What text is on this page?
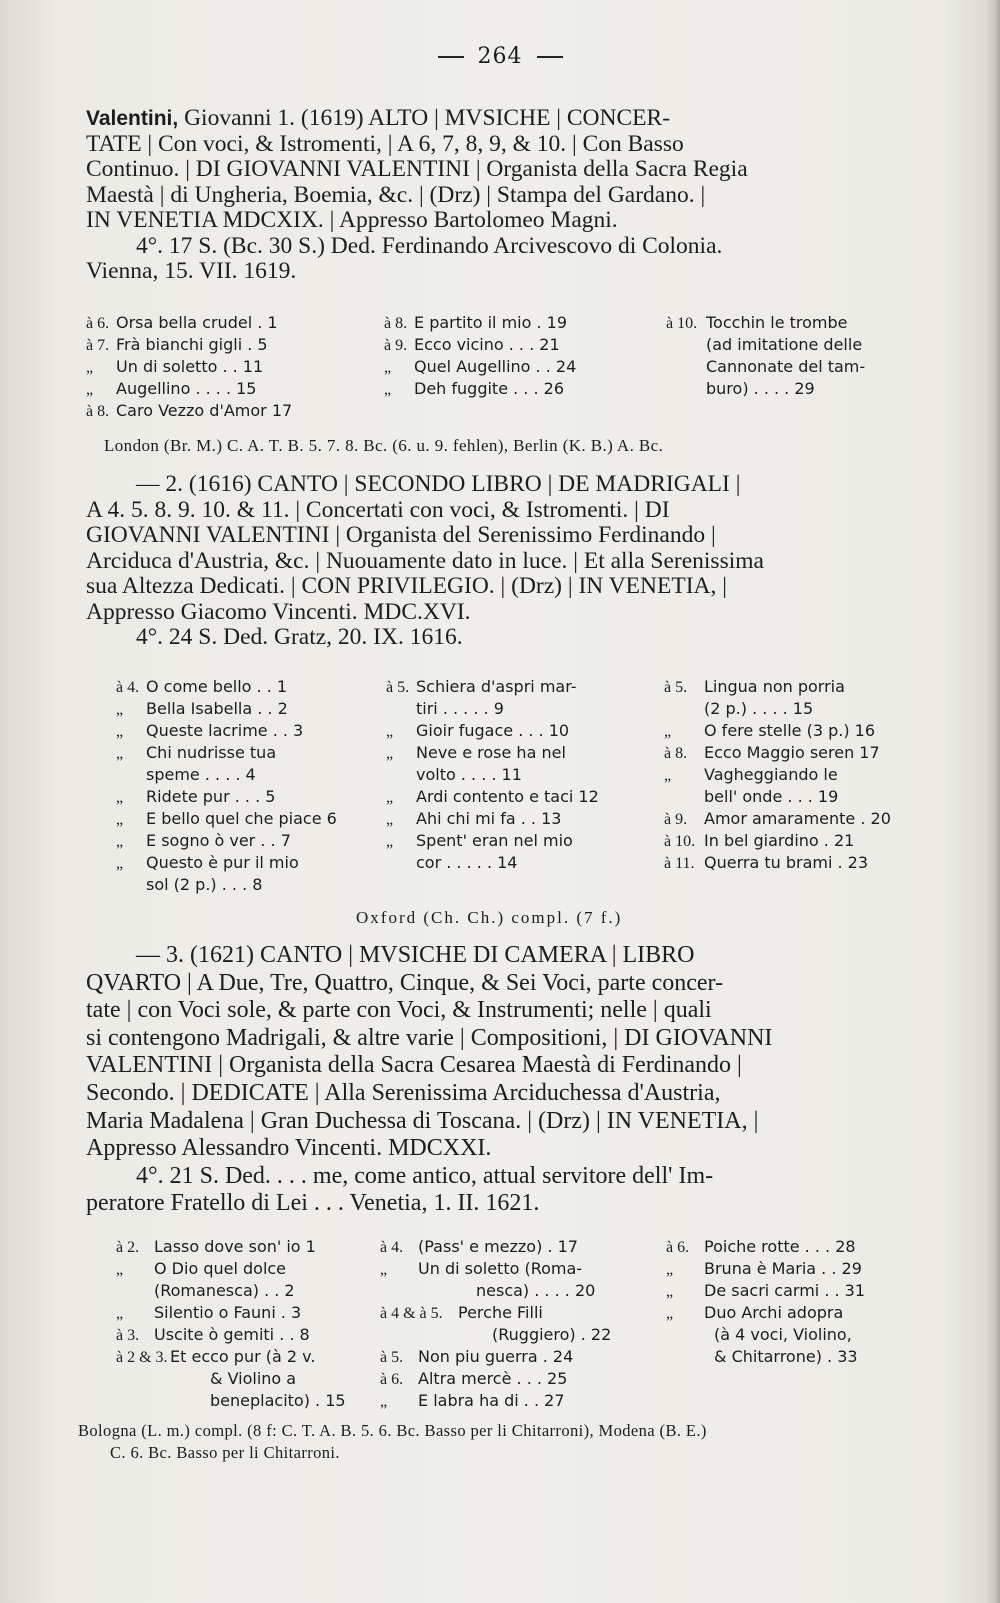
264

Valentini, Giovanni 1. (1619) ALTO | MVSICHE | CONCER-

TATE | Con voci, & Istromenti, | A 6, 7, 8, 9, & 10. | Con Basso

Continuo. | DI GIOVANNI VALENTINI | Organista della Sacra Regia

Maestà | di Ungheria, Boemia, &c. | (Drz) | Stampa del Gardano. |

IN VENETIA MDCXIX. | Appresso Bartolomeo Magni.

4°. 17 S. (Bc. 30 S.) Ded. Ferdinando Arcivescovo di Colonia.

Vienna, 15. VII. 1619.

à 6. Orsa bella crudel . 1
à 7. Frà bianchi gigli . 5
„ Un di soletto . . 11
„ Augellino . . . . 15
à 8. Caro Vezzo d'Amor 17
à 8. E partito il mio . 19
à 9. Ecco vicino . . . 21
„ Quel Augellino . . 24
„ Deh fuggite . . . 26
à 10. Tocchin le trombe
(ad imitatione delle
Cannonate del tam-
buro) . . . . 29
London (Br. M.) C. A. T. B. 5. 7. 8. Bc. (6. u. 9. fehlen), Berlin (K. B.) A. Bc.

— 2. (1616) CANTO | SECONDO LIBRO | DE MADRIGALI |

A 4. 5. 8. 9. 10. & 11. | Concertati con voci, & Istromenti. | DI

GIOVANNI VALENTINI | Organista del Serenissimo Ferdinando |

Arciduca d'Austria, &c. | Nuouamente dato in luce. | Et alla Serenissima

sua Altezza Dedicati. | CON PRIVILEGIO. | (Drz) | IN VENETIA, |

Appresso Giacomo Vincenti. MDC.XVI.

4°. 24 S. Ded. Gratz, 20. IX. 1616.

à 4. O come bello . . 1
„ Bella Isabella . . 2
„ Queste lacrime . . 3
„ Chi nudrisse tua
speme . . . . 4
„ Ridete pur . . . 5
„ E bello quel che piace 6
„ E sogno ò ver . . 7
„ Questo è pur il mio
sol (2 p.) . . . 8
à 5. Schiera d'aspri mar-
tiri . . . . . 9
„ Gioir fugace . . . 10
„ Neve e rose ha nel
volto . . . . 11
„ Ardi contento e taci 12
„ Ahi chi mi fa . . 13
„ Spent' eran nel mio
cor . . . . . 14
à 5. Lingua non porria
(2 p.) . . . . 15
„ O fere stelle (3 p.) 16
à 8. Ecco Maggio seren 17
„ Vagheggiando le
bell' onde . . . 19
à 9. Amor amaramente . 20
à 10. In bel giardino . 21
à 11. Querra tu brami . 23
Oxford (Ch. Ch.) compl. (7 f.)

— 3. (1621) CANTO | MVSICHE DI CAMERA | LIBRO

QVARTO | A Due, Tre, Quattro, Cinque, & Sei Voci, parte concer-

tate | con Voci sole, & parte con Voci, & Instrumenti; nelle | quali

si contengono Madrigali, & altre varie | Compositioni, | DI GIOVANNI

VALENTINI | Organista della Sacra Cesarea Maestà di Ferdinando |

Secondo. | DEDICATE | Alla Serenissima Arciduchessa d'Austria,

Maria Madalena | Gran Duchessa di Toscana. | (Drz) | IN VENETIA, |

Appresso Alessandro Vincenti. MDCXXI.

4°. 21 S. Ded. . . . me, come antico, attual servitore dell' Im-

peratore Fratello di Lei . . . Venetia, 1. II. 1621.

à 2. Lasso dove son' io 1
„ O Dio quel dolce
(Romanesca) . . 2
„ Silentio o Fauni . 3
à 3. Uscite ò gemiti . . 8
à 2 & 3. Et ecco pur (à 2 v.
& Violino a
beneplacito) . 15
à 4. (Pass' e mezzo) . 17
„ Un di soletto (Roma-
nesca) . . . . 20
à 4 & à 5. Perche Filli
(Ruggiero) . 22
à 5. Non piu guerra . 24
à 6. Altra mercè . . . 25
„ E labra ha di . . 27
à 6. Poiche rotte . . . 28
„ Bruna è Maria . . 29
„ De sacri carmi . . 31
„ Duo Archi adopra
(à 4 voci, Violino,
& Chitarrone) . 33
Bologna (L. m.) compl. (8 f: C. T. A. B. 5. 6. Bc. Basso per li Chitarroni), Modena (B. E.)
C. 6. Bc. Basso per li Chitarroni.
